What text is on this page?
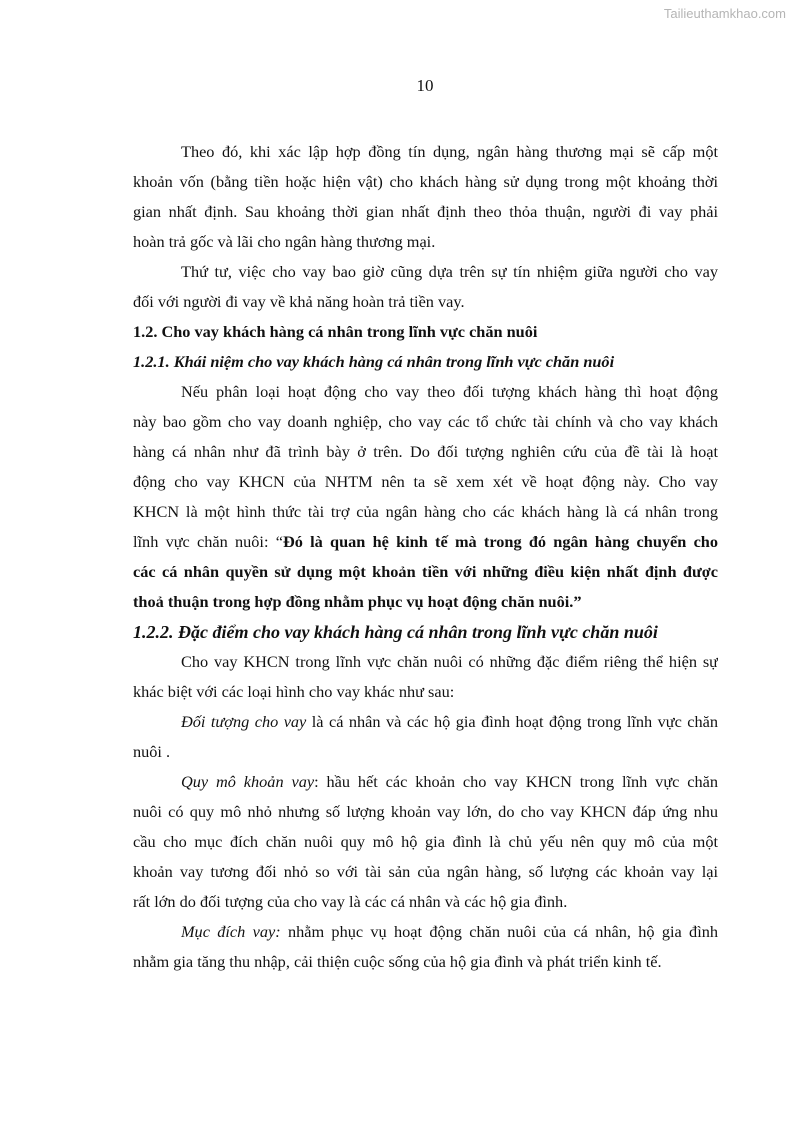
Tailieuthamkhao.com
10
Theo đó, khi xác lập hợp đồng tín dụng, ngân hàng thương mại sẽ cấp một
khoản vốn (bằng tiền hoặc hiện vật) cho khách hàng sử dụng trong một khoảng thời
gian nhất định. Sau khoảng thời gian nhất định theo thỏa thuận, người đi vay phải
hoàn trả gốc và lãi cho ngân hàng thương mại.
Thứ tư, việc cho vay bao giờ cũng dựa trên sự tín nhiệm giữa người cho vay
đối với người đi vay về khả năng hoàn trả tiền vay.
1.2. Cho vay khách hàng cá nhân trong lĩnh vực chăn nuôi
1.2.1. Khái niệm cho vay khách hàng cá nhân trong lĩnh vực chăn nuôi
Nếu phân loại hoạt động cho vay theo đối tượng khách hàng thì hoạt động
này bao gồm cho vay doanh nghiệp, cho vay các tổ chức tài chính và cho vay khách
hàng cá nhân như đã trình bày ở trên. Do đối tượng nghiên cứu của đề tài là hoạt
động cho vay KHCN của NHTM nên ta sẽ xem xét về hoạt động này. Cho vay
KHCN là một hình thức tài trợ của ngân hàng cho các khách hàng là cá nhân trong
lĩnh vực chăn nuôi: “Đó là quan hệ kinh tế mà trong đó ngân hàng chuyển cho
các cá nhân quyền sử dụng một khoản tiền với những điều kiện nhất định được
thoả thuận trong hợp đồng nhằm phục vụ hoạt động chăn nuôi.”
1.2.2. Đặc điểm cho vay khách hàng cá nhân trong lĩnh vực chăn nuôi
Cho vay KHCN trong lĩnh vực chăn nuôi có những đặc điểm riêng thể hiện sự
khác biệt với các loại hình cho vay khác như sau:
Đối tượng cho vay là cá nhân và các hộ gia đình hoạt động trong lĩnh vực chăn
nuôi .
Quy mô khoản vay: hầu hết các khoản cho vay KHCN trong lĩnh vực chăn
nuôi có quy mô nhỏ nhưng số lượng khoản vay lớn, do cho vay KHCN đáp ứng nhu
cầu cho mục đích chăn nuôi quy mô hộ gia đình là chủ yếu nên quy mô của một
khoản vay tương đối nhỏ so với tài sản của ngân hàng, số lượng các khoản vay lại
rất lớn do đối tượng của cho vay là các cá nhân và các hộ gia đình.
Mục đích vay: nhằm phục vụ hoạt động chăn nuôi của cá nhân, hộ gia đình
nhằm gia tăng thu nhập, cải thiện cuộc sống của hộ gia đình và phát triển kinh tế.
